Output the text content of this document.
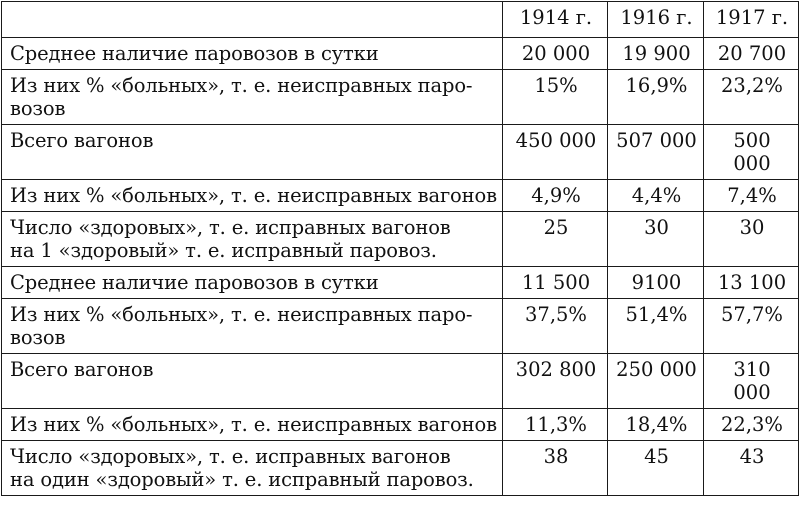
	1914 г.	1916 г.	1917 г.

Среднее наличие паровозов в сутки	20 000	19 900	20 700

Из них % «больных», т. е. неисправных паро-
возов	15%	16,9%	23,2%

Всего вагонов	450 000	507 000	500 000

Из них % «больных», т. е. неисправных вагонов	4,9%	4,4%	7,4%

Число «здоровых», т. е. исправных вагонов
на 1 «здоровый» т. е. исправный паровоз.	25	30	30

Среднее наличие паровозов в сутки	11 500	9100	13 100

Из них % «больных», т. е. неисправных паро-
возов	37,5%	51,4%	57,7%

Всего вагонов	302 800	250 000	310 000

Из них % «больных», т. е. неисправных вагонов	11,3%	18,4%	22,3%

Число «здоровых», т. е. исправных вагонов
на один «здоровый» т. е. исправный паровоз.	38	45	43
